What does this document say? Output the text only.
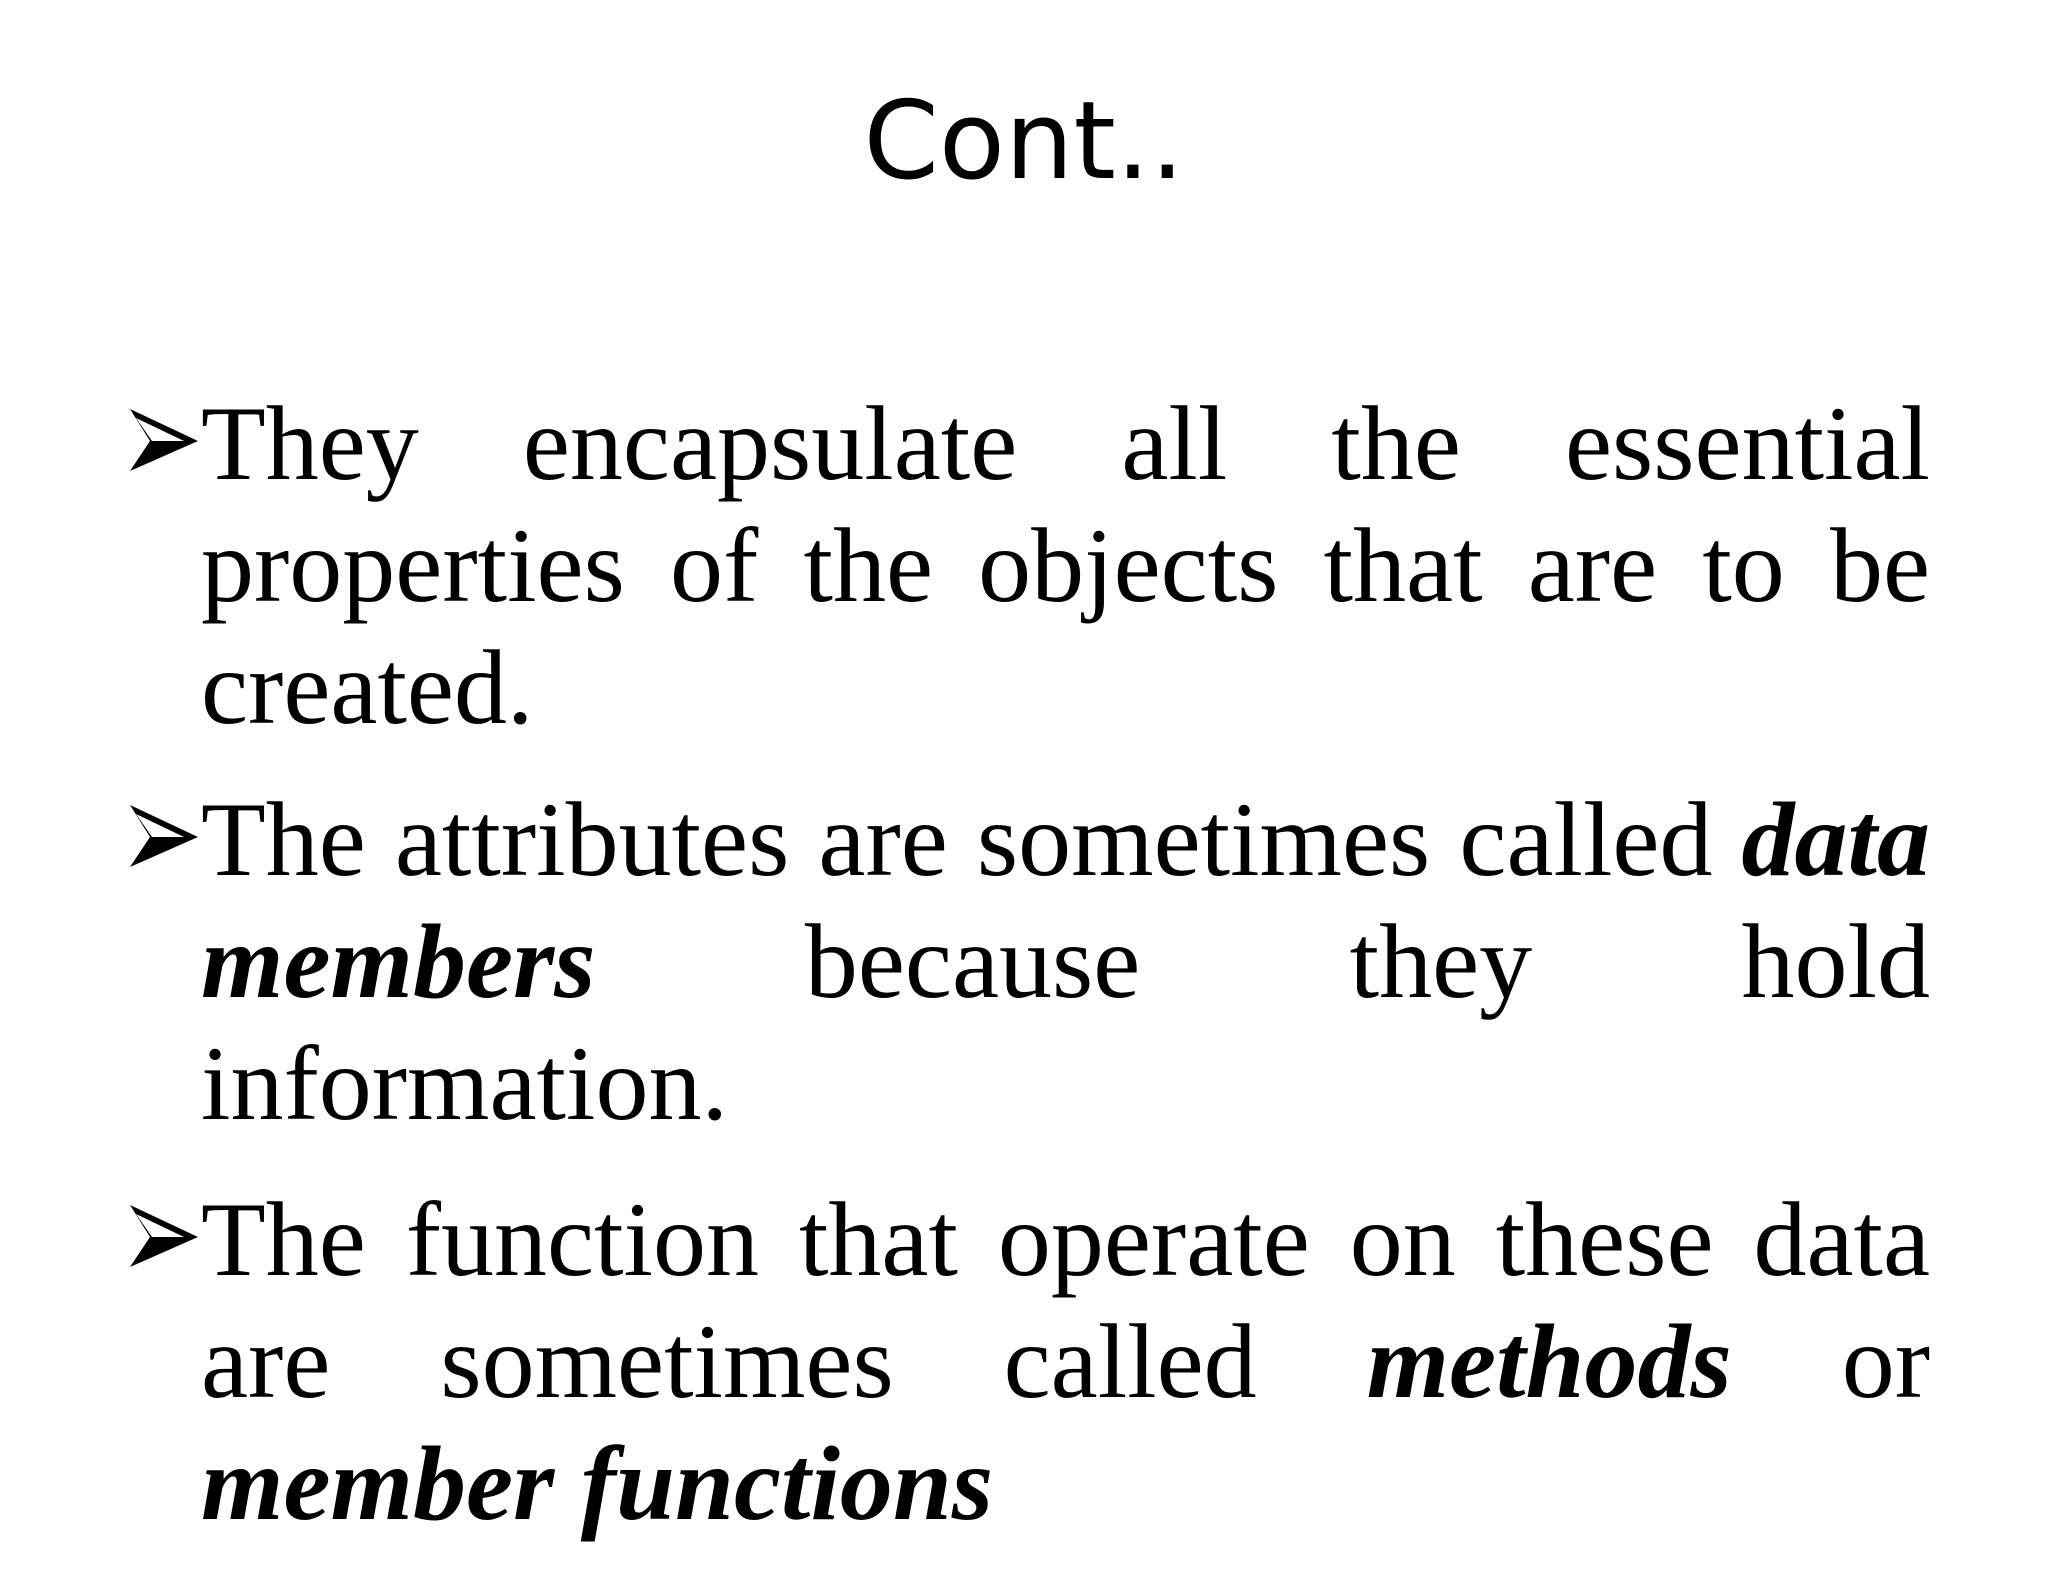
Cont..
They encapsulate all the essential properties of the objects that are to be created.
The attributes are sometimes called data members because they hold information.
The function that operate on these data are sometimes called methods or member functions
